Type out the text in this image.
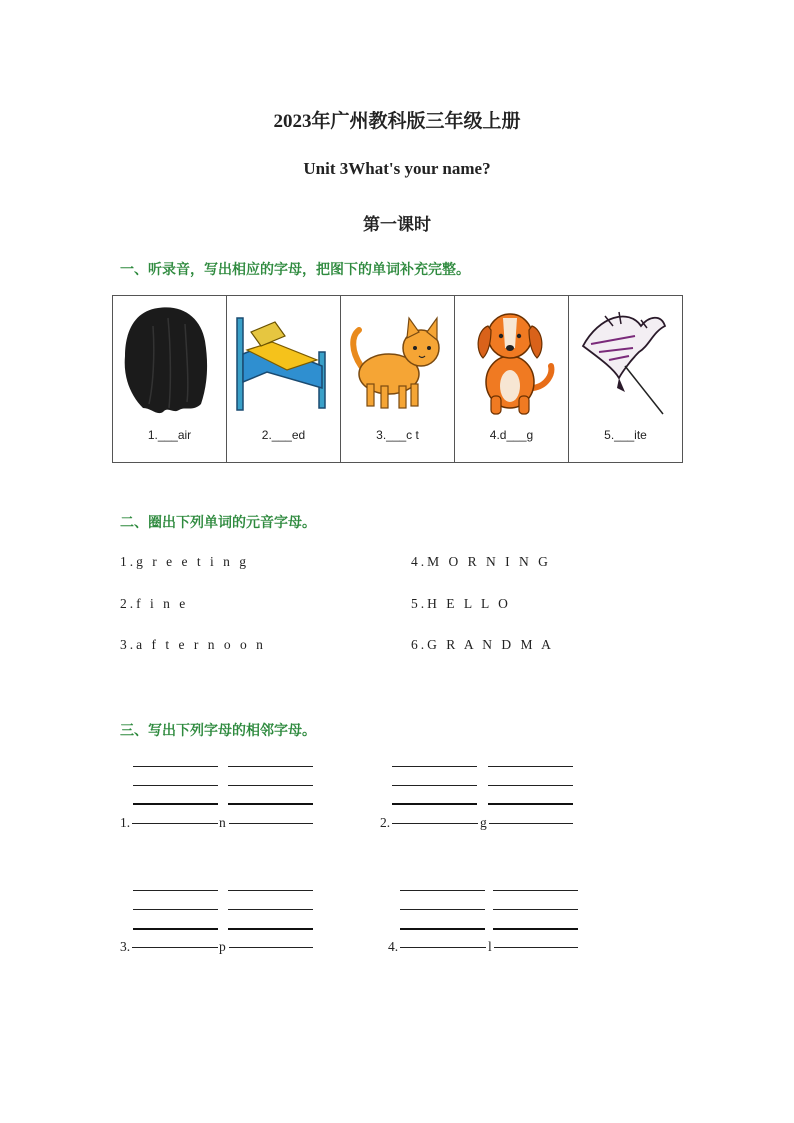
2023年广州教科版三年级上册
Unit 3What's your name?
第一课时
一、听录音，写出相应的字母，把图下的单词补充完整。
1.___air	2.___ed	3.___c t	4.d___g	5.___ite
二、圈出下列单词的元音字母。
1.g r e e t i n g
2.f i n e
3.a f t e r n o o n
4.M O R N I N G
5.H E L L O
6.G R A N D M A
三、写出下列字母的相邻字母。
1.	n	2.	g
3.	p	4.	l
